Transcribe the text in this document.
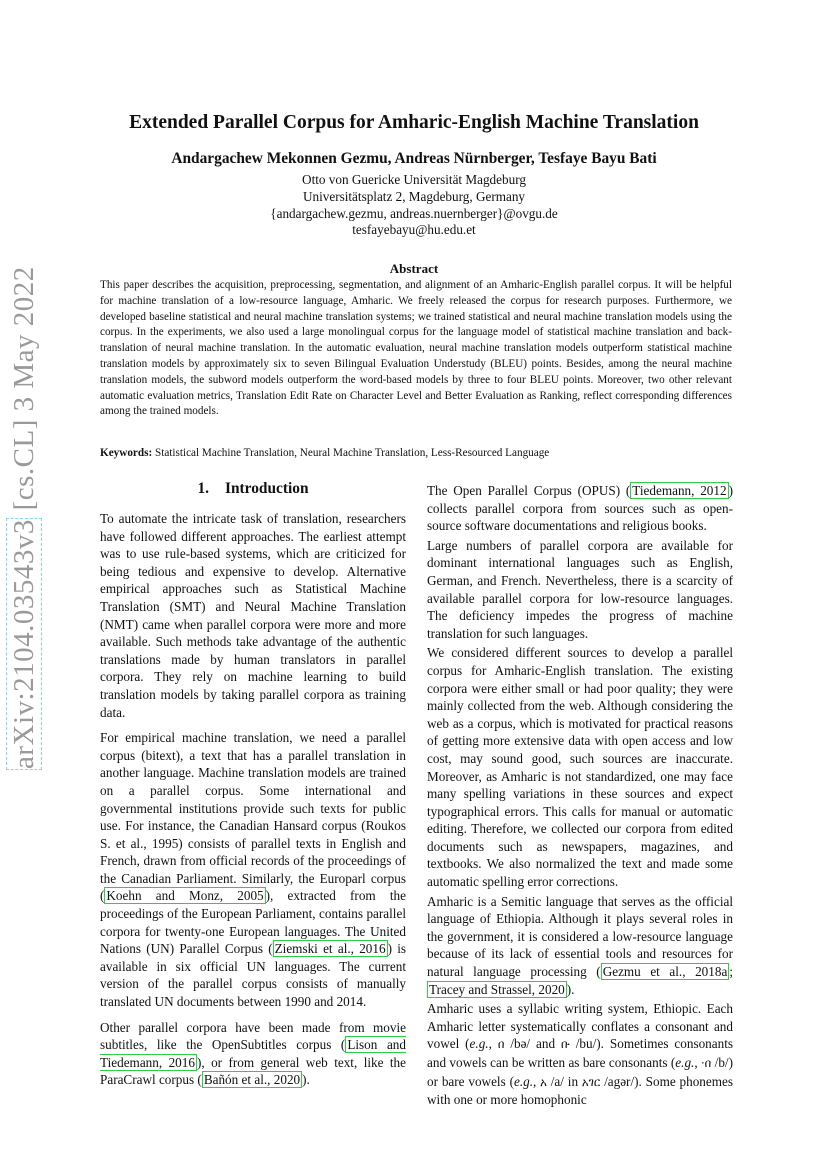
arXiv:2104.03543v3 [cs.CL] 3 May 2022
Extended Parallel Corpus for Amharic-English Machine Translation
Andargachew Mekonnen Gezmu, Andreas Nürnberger, Tesfaye Bayu Bati
Otto von Guericke Universität Magdeburg
Universitätsplatz 2, Magdeburg, Germany
{andargachew.gezmu, andreas.nuernberger}@ovgu.de
tesfayebayu@hu.edu.et
Abstract
This paper describes the acquisition, preprocessing, segmentation, and alignment of an Amharic-English parallel corpus. It will be helpful for machine translation of a low-resource language, Amharic. We freely released the corpus for research purposes. Furthermore, we developed baseline statistical and neural machine translation systems; we trained statistical and neural machine translation models using the corpus. In the experiments, we also used a large monolingual corpus for the language model of statistical machine translation and back-translation of neural machine translation. In the automatic evaluation, neural machine translation models outperform statistical machine translation models by approximately six to seven Bilingual Evaluation Understudy (BLEU) points. Besides, among the neural machine translation models, the subword models outperform the word-based models by three to four BLEU points. Moreover, two other relevant automatic evaluation metrics, Translation Edit Rate on Character Level and Better Evaluation as Ranking, reflect corresponding differences among the trained models.
Keywords: Statistical Machine Translation, Neural Machine Translation, Less-Resourced Language
1. Introduction

To automate the intricate task of translation, researchers have followed different approaches. The earliest attempt was to use rule-based systems, which are criticized for being tedious and expensive to develop. Alternative empirical approaches such as Statistical Machine Translation (SMT) and Neural Machine Translation (NMT) came when parallel corpora were more and more available. Such methods take advantage of the authentic translations made by human translators in parallel corpora. They rely on machine learning to build translation models by taking parallel corpora as training data.

For empirical machine translation, we need a parallel corpus (bitext), a text that has a parallel translation in another language. Machine translation models are trained on a parallel corpus. Some international and governmental institutions provide such texts for public use. For instance, the Canadian Hansard corpus (Roukos S. et al., 1995) consists of parallel texts in English and French, drawn from official records of the proceedings of the Canadian Parliament. Similarly, the Europarl corpus ( Koehn and Monz, 2005 ), extracted from the proceedings of the European Parliament, contains parallel corpora for twenty-one European languages. The United Nations (UN) Parallel Corpus ( Ziemski et al., 2016 ) is available in six official UN languages. The current version of the parallel corpus consists of manually translated UN documents between 1990 and 2014.

Other parallel corpora have been made from movie subtitles, like the OpenSubtitles corpus ( Lison and Tiedemann, 2016 ), or from general web text, like the ParaCrawl corpus ( Bañón et al., 2020 ).

The Open Parallel Corpus (OPUS) ( Tiedemann, 2012 ) collects parallel corpora from sources such as open-source software documentations and religious books.

Large numbers of parallel corpora are available for dominant international languages such as English, German, and French. Nevertheless, there is a scarcity of available parallel corpora for low-resource languages. The deficiency impedes the progress of machine translation for such languages.

We considered different sources to develop a parallel corpus for Amharic-English translation. The existing corpora were either small or had poor quality; they were mainly collected from the web. Although considering the web as a corpus, which is motivated for practical reasons of getting more extensive data with open access and low cost, may sound good, such sources are inaccurate. Moreover, as Amharic is not standardized, one may face many spelling variations in these sources and expect typographical errors. This calls for manual or automatic editing. Therefore, we collected our corpora from edited documents such as newspapers, magazines, and textbooks. We also normalized the text and made some automatic spelling error corrections.

Amharic is a Semitic language that serves as the official language of Ethiopia. Although it plays several roles in the government, it is considered a low-resource language because of its lack of essential tools and resources for natural language processing ( Gezmu et al., 2018a ; Tracey and Strassel, 2020 ).

Amharic uses a syllabic writing system, Ethiopic. Each Amharic letter systematically conflates a consonant and vowel (e.g., በ /bə/ and ቡ /bu/). Sometimes consonants and vowels can be written as bare consonants (e.g., ·በ /b/) or bare vowels (e.g., አ /a/ in አገር /agər/). Some phonemes with one or more homophonic
